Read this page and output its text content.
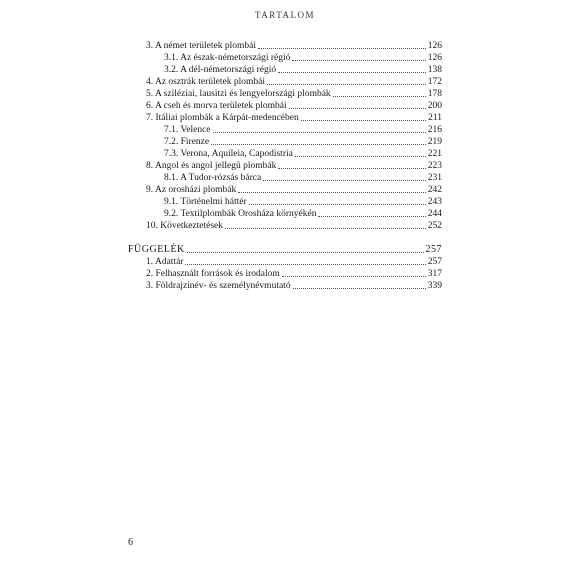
TARTALOM
3. A német területek plombái	126
3.1. Az észak-németországi régió	126
3.2. A dél-németországi régió	138
4. Az osztrák területek plombái	172
5. A sziléziai, lausitzi és lengyelországi plombák	178
6. A cseh és morva területek plombái	200
7. Itáliai plombák a Kárpát-medencében	211
7.1. Velence	216
7.2. Firenze	219
7.3. Verona, Aquileia, Capodistria	221
8. Angol és angol jellegű plombák	223
8.1. A Tudor-rózsás bárca	231
9. Az orosházi plombák	242
9.1. Történelmi háttér	243
9.2. Textilplombák Orosháza környékén	244
10. Következtetések	252
FÜGGELÉK	257
1. Adattár	257
2. Felhasznált források és irodalom	317
3. Földrajzinév- és személynévmutató	339
6
